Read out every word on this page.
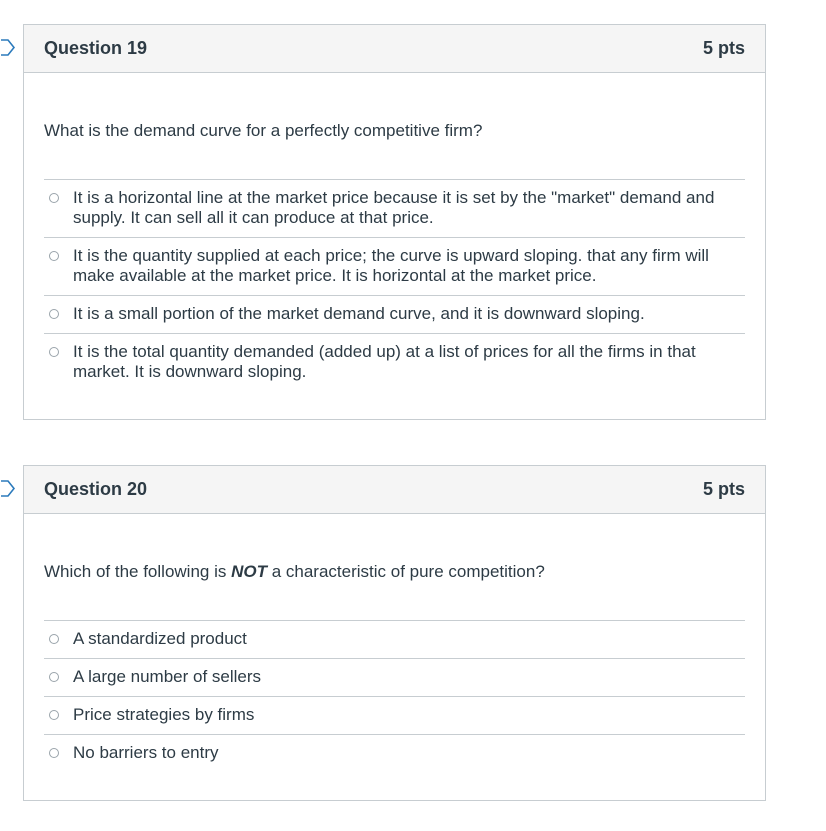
Question 19	5 pts
What is the demand curve for a perfectly competitive firm?
It is a horizontal line at the market price because it is set by the "market" demand and supply. It can sell all it can produce at that price.
It is the quantity supplied at each price; the curve is upward sloping. that any firm will make available at the market price. It is horizontal at the market price.
It is a small portion of the market demand curve, and it is downward sloping.
It is the total quantity demanded (added up) at a list of prices for all the firms in that market. It is downward sloping.
Question 20	5 pts
Which of the following is NOT a characteristic of pure competition?
A standardized product
A large number of sellers
Price strategies by firms
No barriers to entry
